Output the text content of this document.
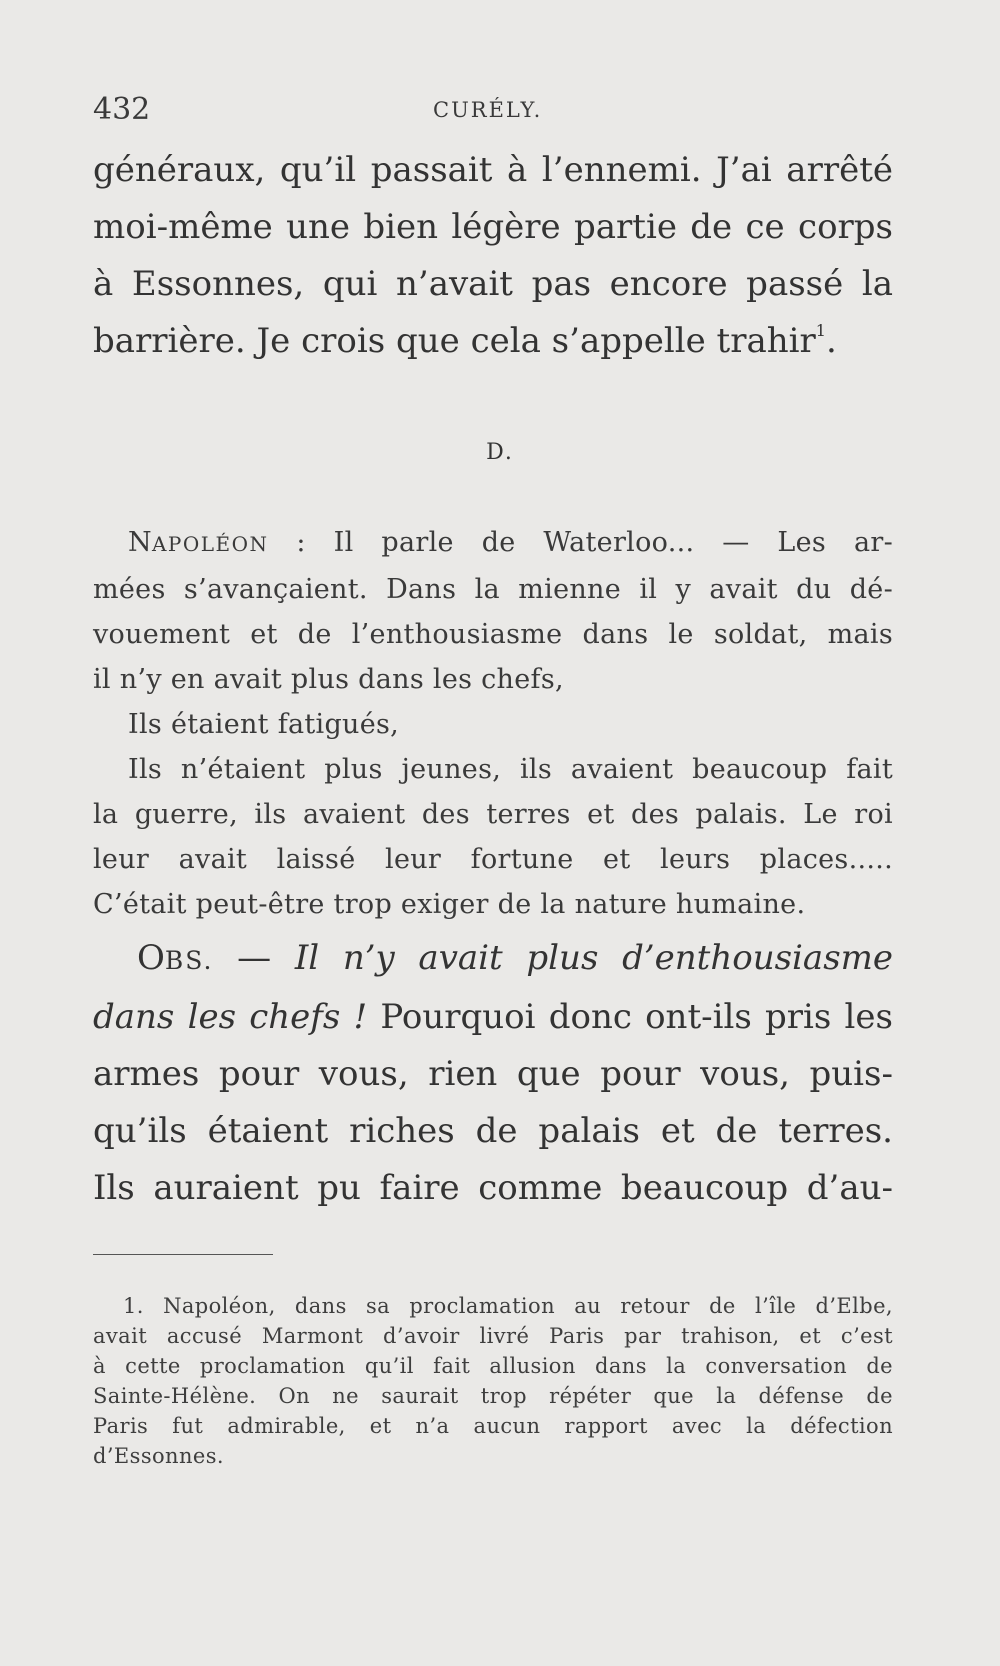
432	CURÉLY.
généraux, qu’il passait à l’ennemi. J’ai arrêté
moi-même une bien légère partie de ce corps
à Essonnes, qui n’avait pas encore passé la
barrière. Je crois que cela s’appelle trahir$^1$.
D.
NAPOLÉON : Il parle de Waterloo... — Les ar-
mées s’avançaient. Dans la mienne il y avait du dé-
vouement et de l’enthousiasme dans le soldat, mais
il n’y en avait plus dans les chefs,
Ils étaient fatigués,
Ils n’étaient plus jeunes, ils avaient beaucoup fait
la guerre, ils avaient des terres et des palais. Le roi
leur avait laissé leur fortune et leurs places.....
C’était peut-être trop exiger de la nature humaine.
OBS. — Il n’y avait plus d’enthousiasme
dans les chefs ! Pourquoi donc ont-ils pris les
armes pour vous, rien que pour vous, puis-
qu’ils étaient riches de palais et de terres.
Ils auraient pu faire comme beaucoup d’au-
1. Napoléon, dans sa proclamation au retour de l’île d’Elbe,
avait accusé Marmont d’avoir livré Paris par trahison, et c’est
à cette proclamation qu’il fait allusion dans la conversation de
Sainte-Hélène. On ne saurait trop répéter que la défense de
Paris fut admirable, et n’a aucun rapport avec la défection
d’Essonnes.
